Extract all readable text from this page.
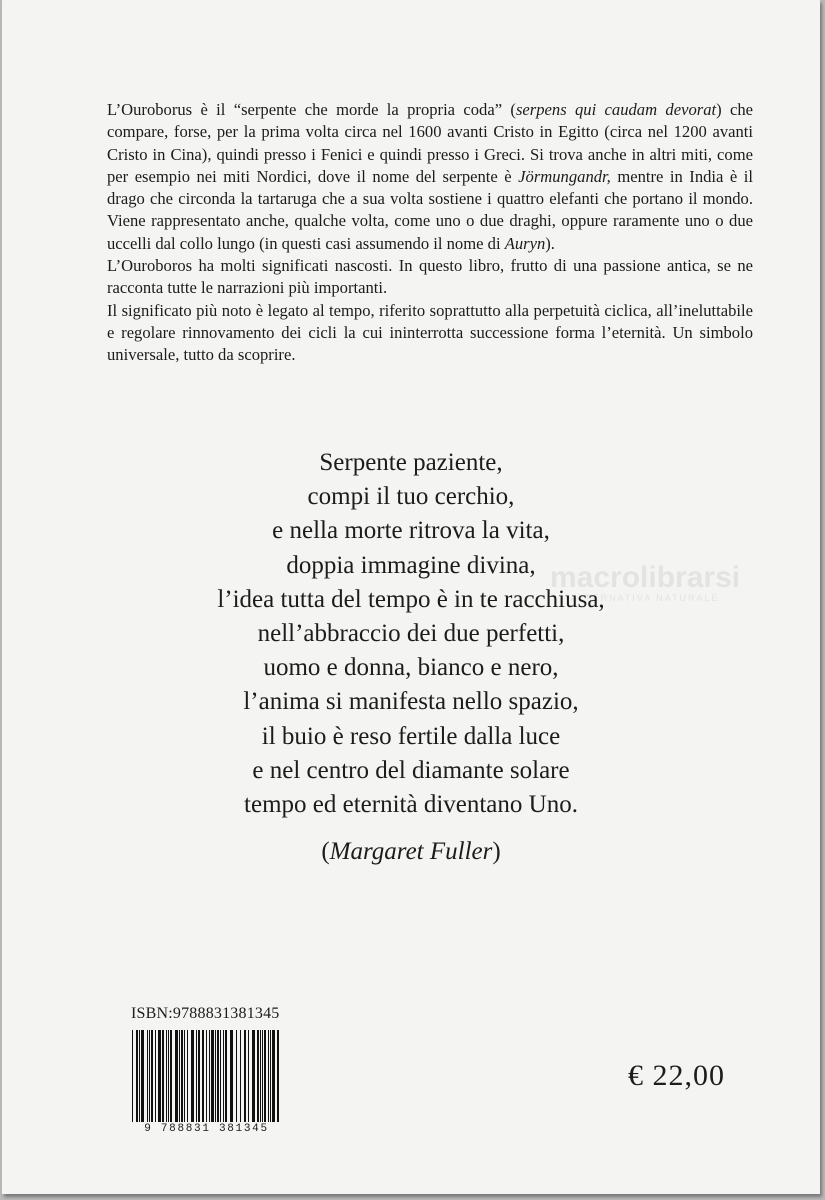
L’Ouroborus è il “serpente che morde la propria coda” (serpens qui caudam devorat) che compare, forse, per la prima volta circa nel 1600 avanti Cristo in Egitto (circa nel 1200 avanti Cristo in Cina), quindi presso i Fenici e quindi presso i Greci. Si trova anche in altri miti, come per esempio nei miti Nordici, dove il nome del serpente è Jörmungandr, mentre in India è il drago che circonda la tartaruga che a sua volta sostiene i quattro elefanti che portano il mondo. Viene rappresentato anche, qualche volta, come uno o due draghi, oppure raramente uno o due uccelli dal collo lungo (in questi casi assumendo il nome di Auryn).

L’Ouroboros ha molti significati nascosti. In questo libro, frutto di una passione antica, se ne racconta tutte le narrazioni più importanti.

Il significato più noto è legato al tempo, riferito soprattutto alla perpetuità ciclica, all’ineluttabile e regolare rinnovamento dei cicli la cui ininterrotta successione forma l’eternità. Un simbolo universale, tutto da scoprire.

macrolibrarsi
ALTERNATIVA NATURALE
Serpente paziente,
compi il tuo cerchio,
e nella morte ritrova la vita,
doppia immagine divina,
l’idea tutta del tempo è in te racchiusa,
nell’abbraccio dei due perfetti,
uomo e donna, bianco e nero,
l’anima si manifesta nello spazio,
il buio è reso fertile dalla luce
e nel centro del diamante solare
tempo ed eternità diventano Uno.
(Margaret Fuller)
ISBN:9788831381345
9 788831 381345
€ 22,00
